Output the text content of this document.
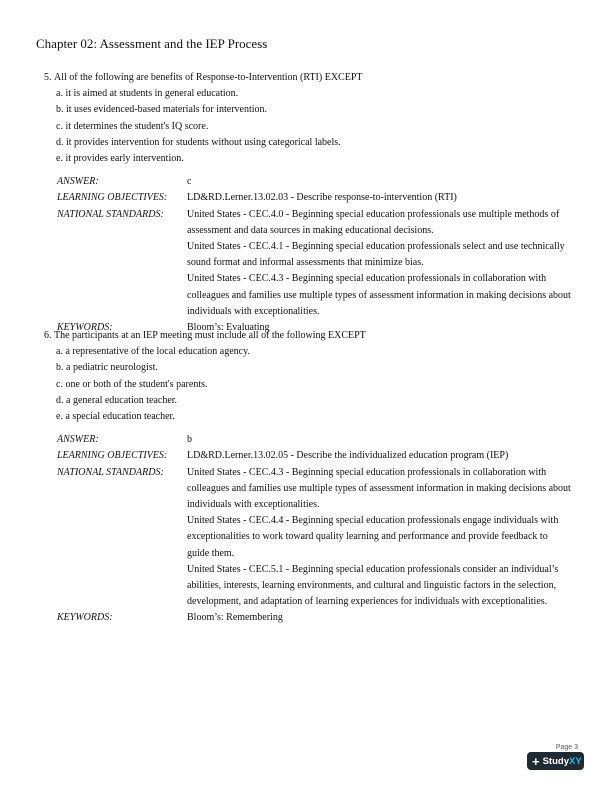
Chapter 02: Assessment and the IEP Process
5. All of the following are benefits of Response-to-Intervention (RTI) EXCEPT
a. it is aimed at students in general education.
b. it uses evidenced-based materials for intervention.
c. it determines the student's IQ score.
d. it provides intervention for students without using categorical labels.
e. it provides early intervention.
ANSWER:	c
LEARNING OBJECTIVES:	LD&RD.Lerner.13.02.03 - Describe response-to-intervention (RTI)
NATIONAL STANDARDS:	United States - CEC.4.0 - Beginning special education professionals use multiple methods of assessment and data sources in making educational decisions.
United States - CEC.4.1 - Beginning special education professionals select and use technically sound format and informal assessments that minimize bias.
United States - CEC.4.3 - Beginning special education professionals in collaboration with colleagues and families use multiple types of assessment information in making decisions about individuals with exceptionalities.
KEYWORDS:	Bloom’s: Evaluating
6. The participants at an IEP meeting must include all of the following EXCEPT
a. a representative of the local education agency.
b. a pediatric neurologist.
c. one or both of the student's parents.
d. a general education teacher.
e. a special education teacher.
ANSWER:	b
LEARNING OBJECTIVES:	LD&RD.Lerner.13.02.05 - Describe the individualized education program (IEP)
NATIONAL STANDARDS:	United States - CEC.4.3 - Beginning special education professionals in collaboration with colleagues and families use multiple types of assessment information in making decisions about individuals with exceptionalities.
United States - CEC.4.4 - Beginning special education professionals engage individuals with exceptionalities to work toward quality learning and performance and provide feedback to guide them.
United States - CEC.5.1 - Beginning special education professionals consider an individual’s abilities, interests, learning environments, and cultural and linguistic factors in the selection, development, and adaptation of learning experiences for individuals with exceptionalities.
KEYWORDS:	Bloom’s: Remembering
Page 3
+ Study XY
